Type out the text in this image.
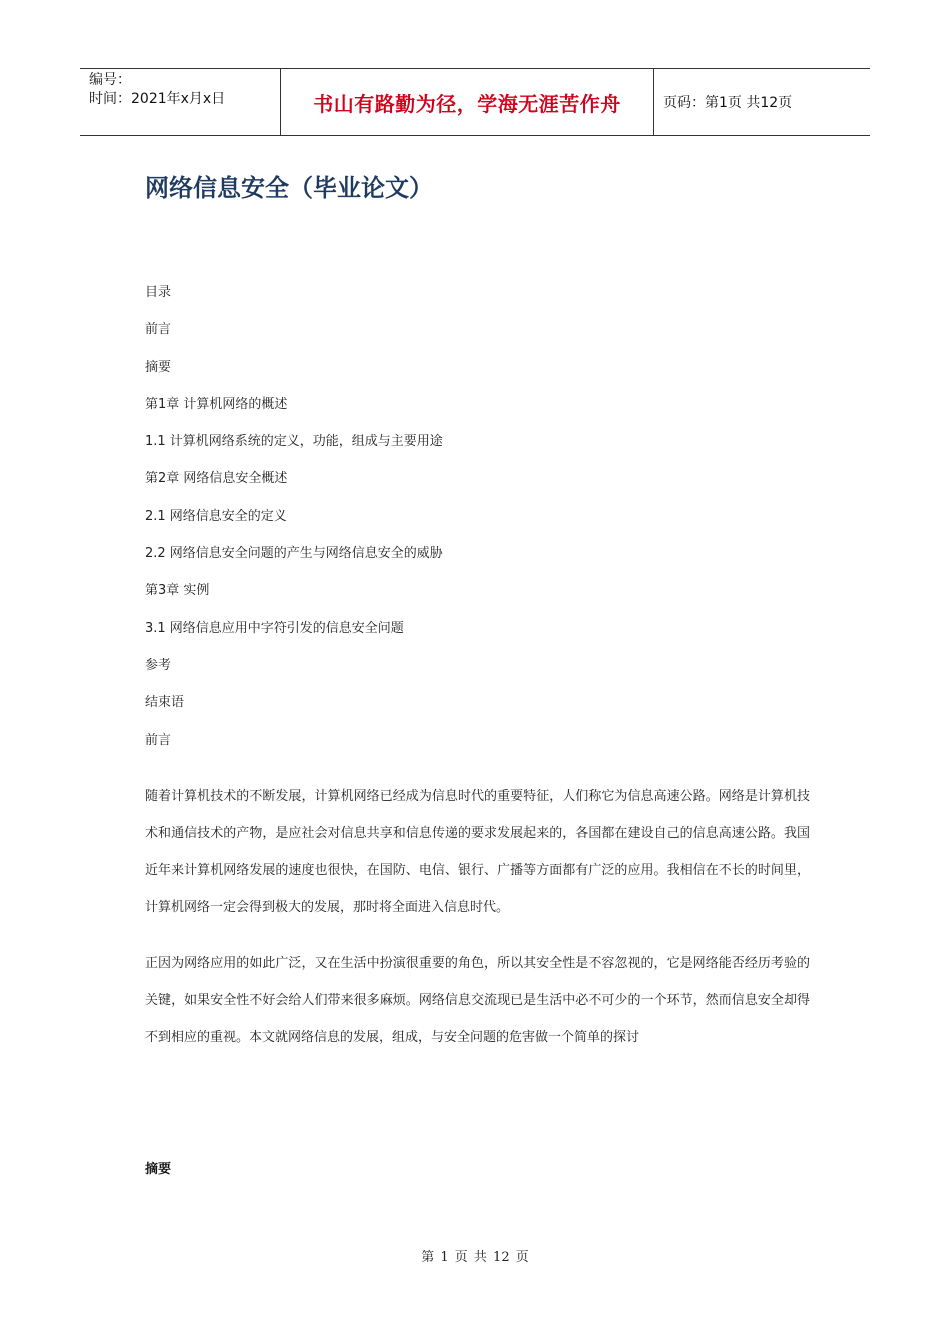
编号：
时间：2021年x月x日	书山有路勤为径，学海无涯苦作舟	页码：第1页 共12页
网络信息安全（毕业论文）
目录
前言
摘要
第1章 计算机网络的概述
1.1 计算机网络系统的定义，功能，组成与主要用途
第2章 网络信息安全概述
2.1 网络信息安全的定义
2.2 网络信息安全问题的产生与网络信息安全的威胁
第3章 实例
3.1 网络信息应用中字符引发的信息安全问题
参考
结束语
前言

随着计算机技术的不断发展，计算机网络已经成为信息时代的重要特征，人们称它为信息高速公路。网络是计算机技术和通信技术的产物，是应社会对信息共享和信息传递的要求发展起来的，各国都在建设自己的信息高速公路。我国近年来计算机网络发展的速度也很快，在国防、电信、银行、广播等方面都有广泛的应用。我相信在不长的时间里，计算机网络一定会得到极大的发展，那时将全面进入信息时代。

正因为网络应用的如此广泛，又在生活中扮演很重要的角色，所以其安全性是不容忽视的，它是网络能否经历考验的关键，如果安全性不好会给人们带来很多麻烦。网络信息交流现已是生活中必不可少的一个环节，然而信息安全却得不到相应的重视。本文就网络信息的发展，组成，与安全问题的危害做一个简单的探讨

摘要
第 1 页 共 12 页
